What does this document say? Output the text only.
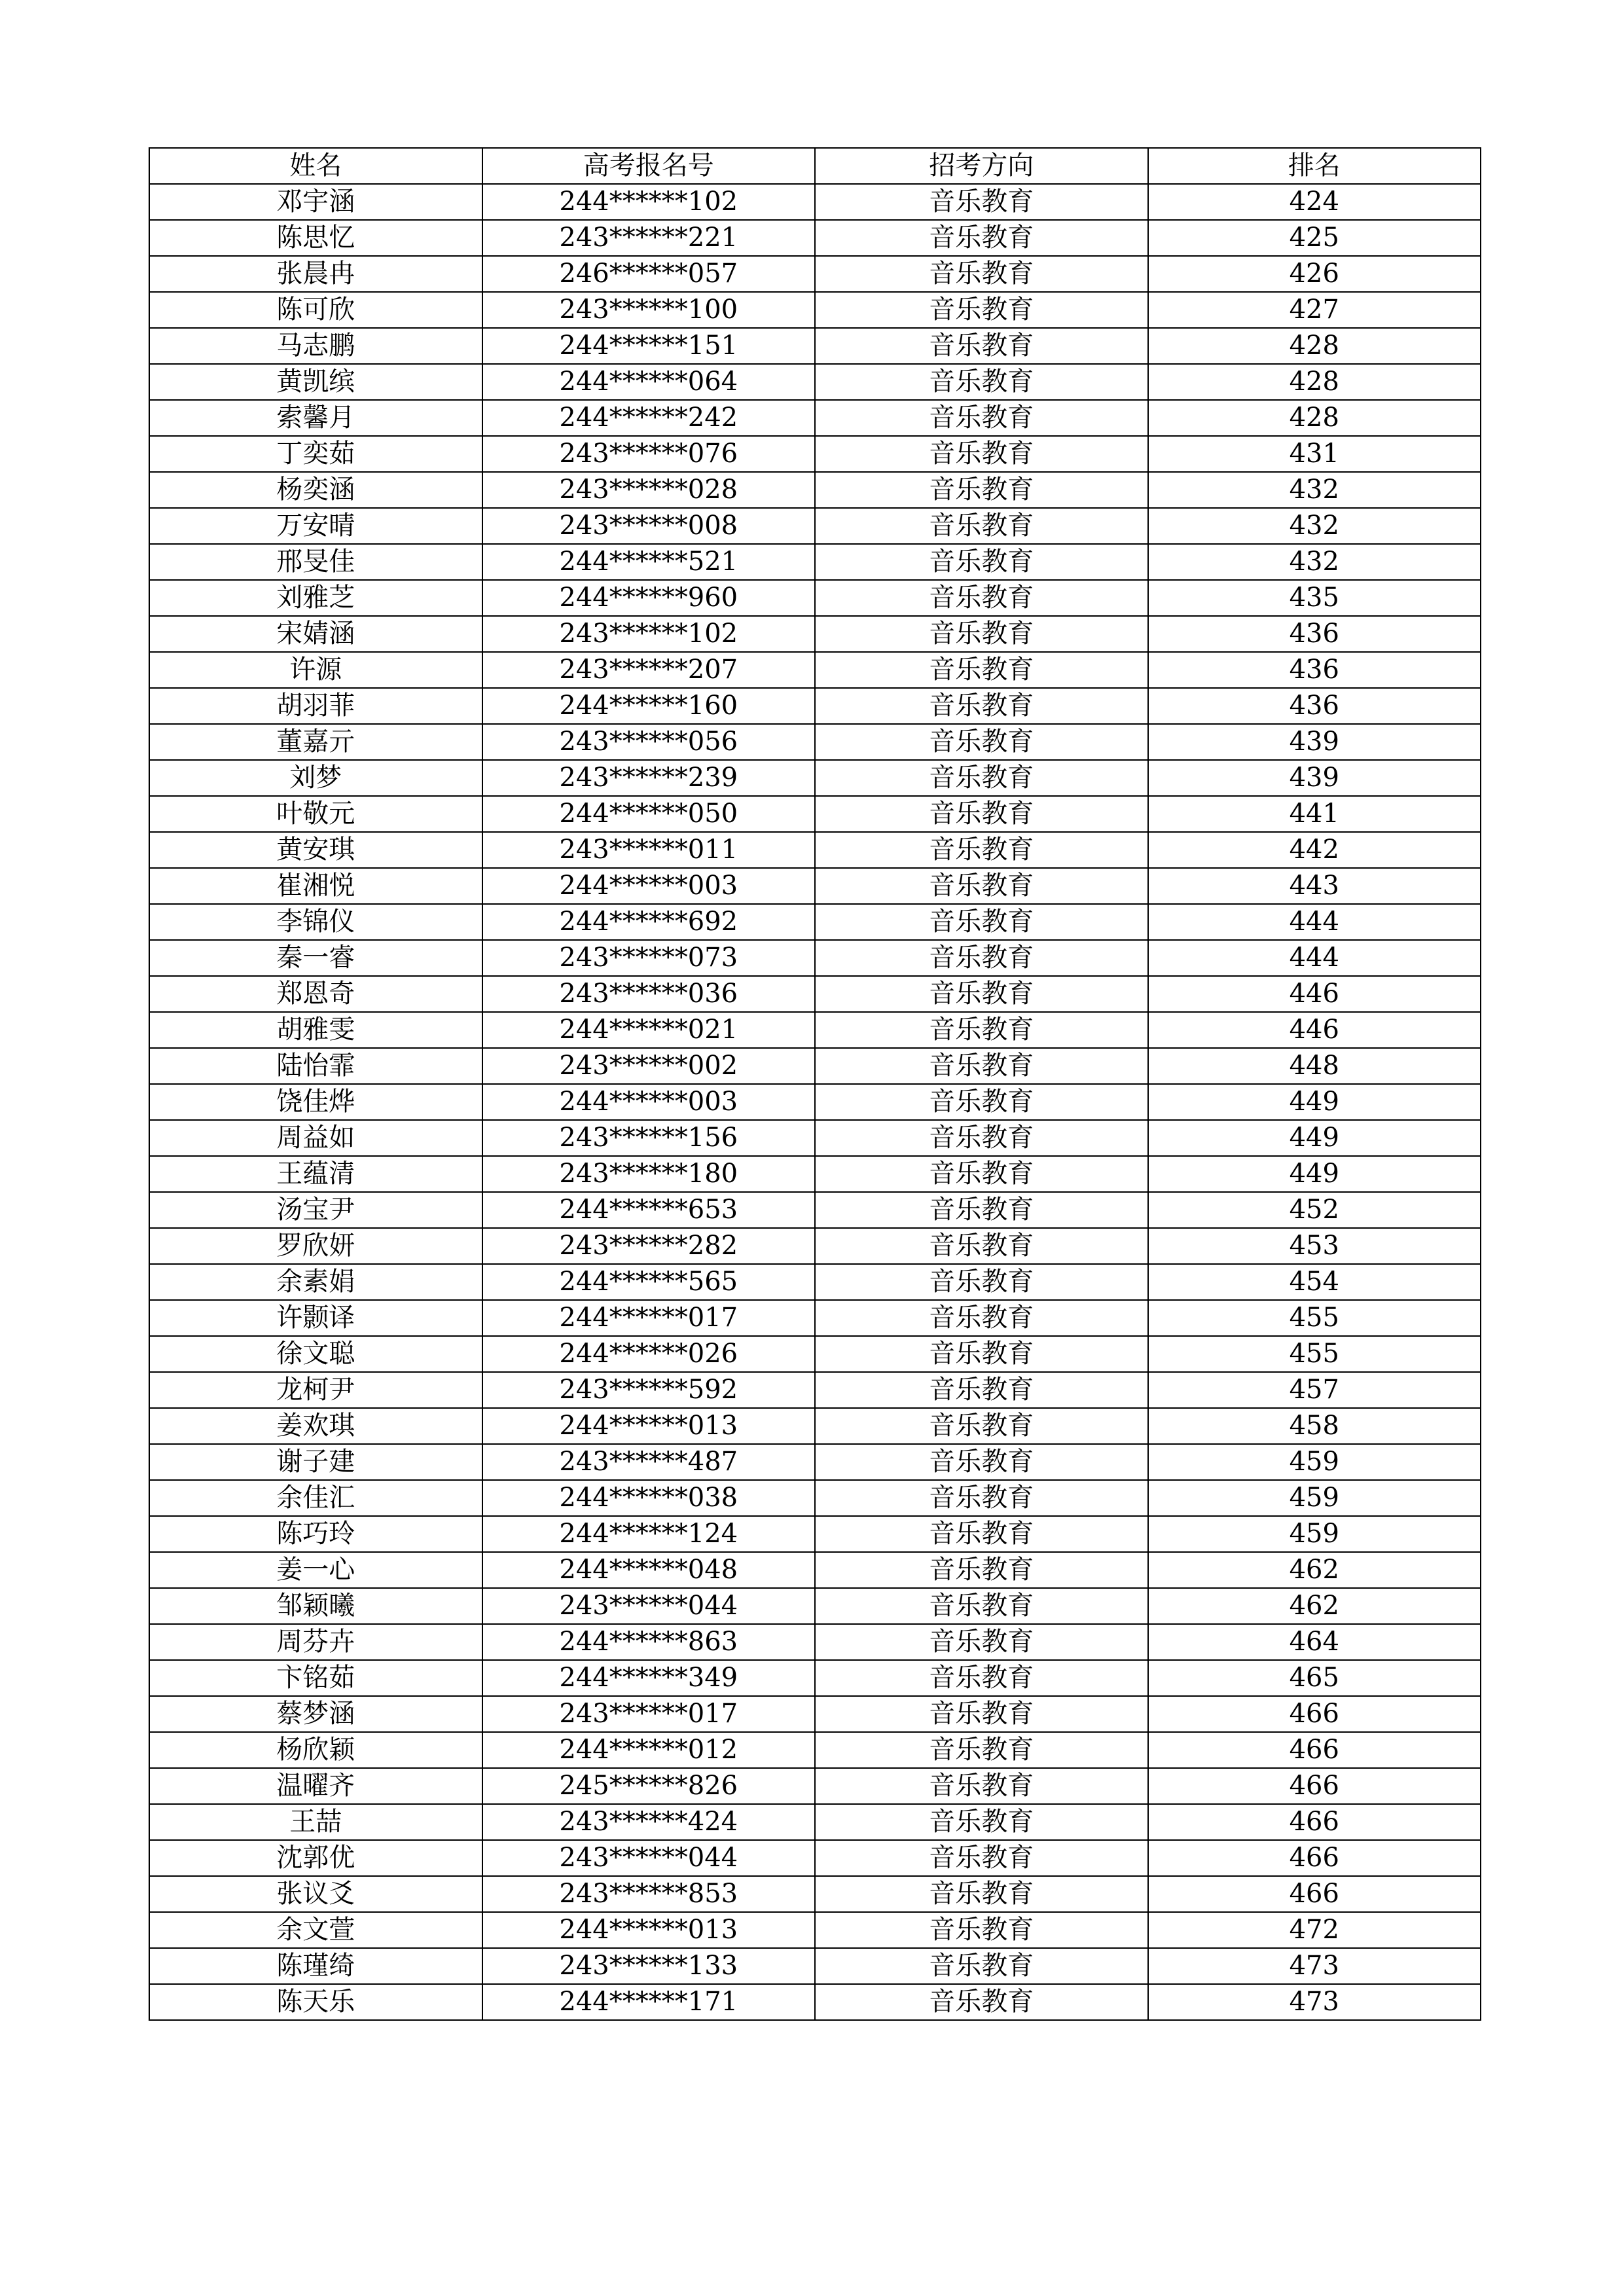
姓名	高考报名号	招考方向	排名
邓宇涵	244******102	音乐教育	424
陈思忆	243******221	音乐教育	425
张晨冉	246******057	音乐教育	426
陈可欣	243******100	音乐教育	427
马志鹏	244******151	音乐教育	428
黄凯缤	244******064	音乐教育	428
索馨月	244******242	音乐教育	428
丁奕茹	243******076	音乐教育	431
杨奕涵	243******028	音乐教育	432
万安晴	243******008	音乐教育	432
邢旻佳	244******521	音乐教育	432
刘雅芝	244******960	音乐教育	435
宋婧涵	243******102	音乐教育	436
许源	243******207	音乐教育	436
胡羽菲	244******160	音乐教育	436
董嘉亓	243******056	音乐教育	439
刘梦	243******239	音乐教育	439
叶敬元	244******050	音乐教育	441
黄安琪	243******011	音乐教育	442
崔湘悦	244******003	音乐教育	443
李锦仪	244******692	音乐教育	444
秦一睿	243******073	音乐教育	444
郑恩奇	243******036	音乐教育	446
胡雅雯	244******021	音乐教育	446
陆怡霏	243******002	音乐教育	448
饶佳烨	244******003	音乐教育	449
周益如	243******156	音乐教育	449
王蕴清	243******180	音乐教育	449
汤宝尹	244******653	音乐教育	452
罗欣妍	243******282	音乐教育	453
余素娟	244******565	音乐教育	454
许颢译	244******017	音乐教育	455
徐文聪	244******026	音乐教育	455
龙柯尹	243******592	音乐教育	457
姜欢琪	244******013	音乐教育	458
谢子建	243******487	音乐教育	459
余佳汇	244******038	音乐教育	459
陈巧玲	244******124	音乐教育	459
姜一心	244******048	音乐教育	462
邹颖曦	243******044	音乐教育	462
周芬卉	244******863	音乐教育	464
卞铭茹	244******349	音乐教育	465
蔡梦涵	243******017	音乐教育	466
杨欣颖	244******012	音乐教育	466
温曜齐	245******826	音乐教育	466
王喆	243******424	音乐教育	466
沈郭优	243******044	音乐教育	466
张议爻	243******853	音乐教育	466
余文萱	244******013	音乐教育	472
陈瑾绮	243******133	音乐教育	473
陈天乐	244******171	音乐教育	473
